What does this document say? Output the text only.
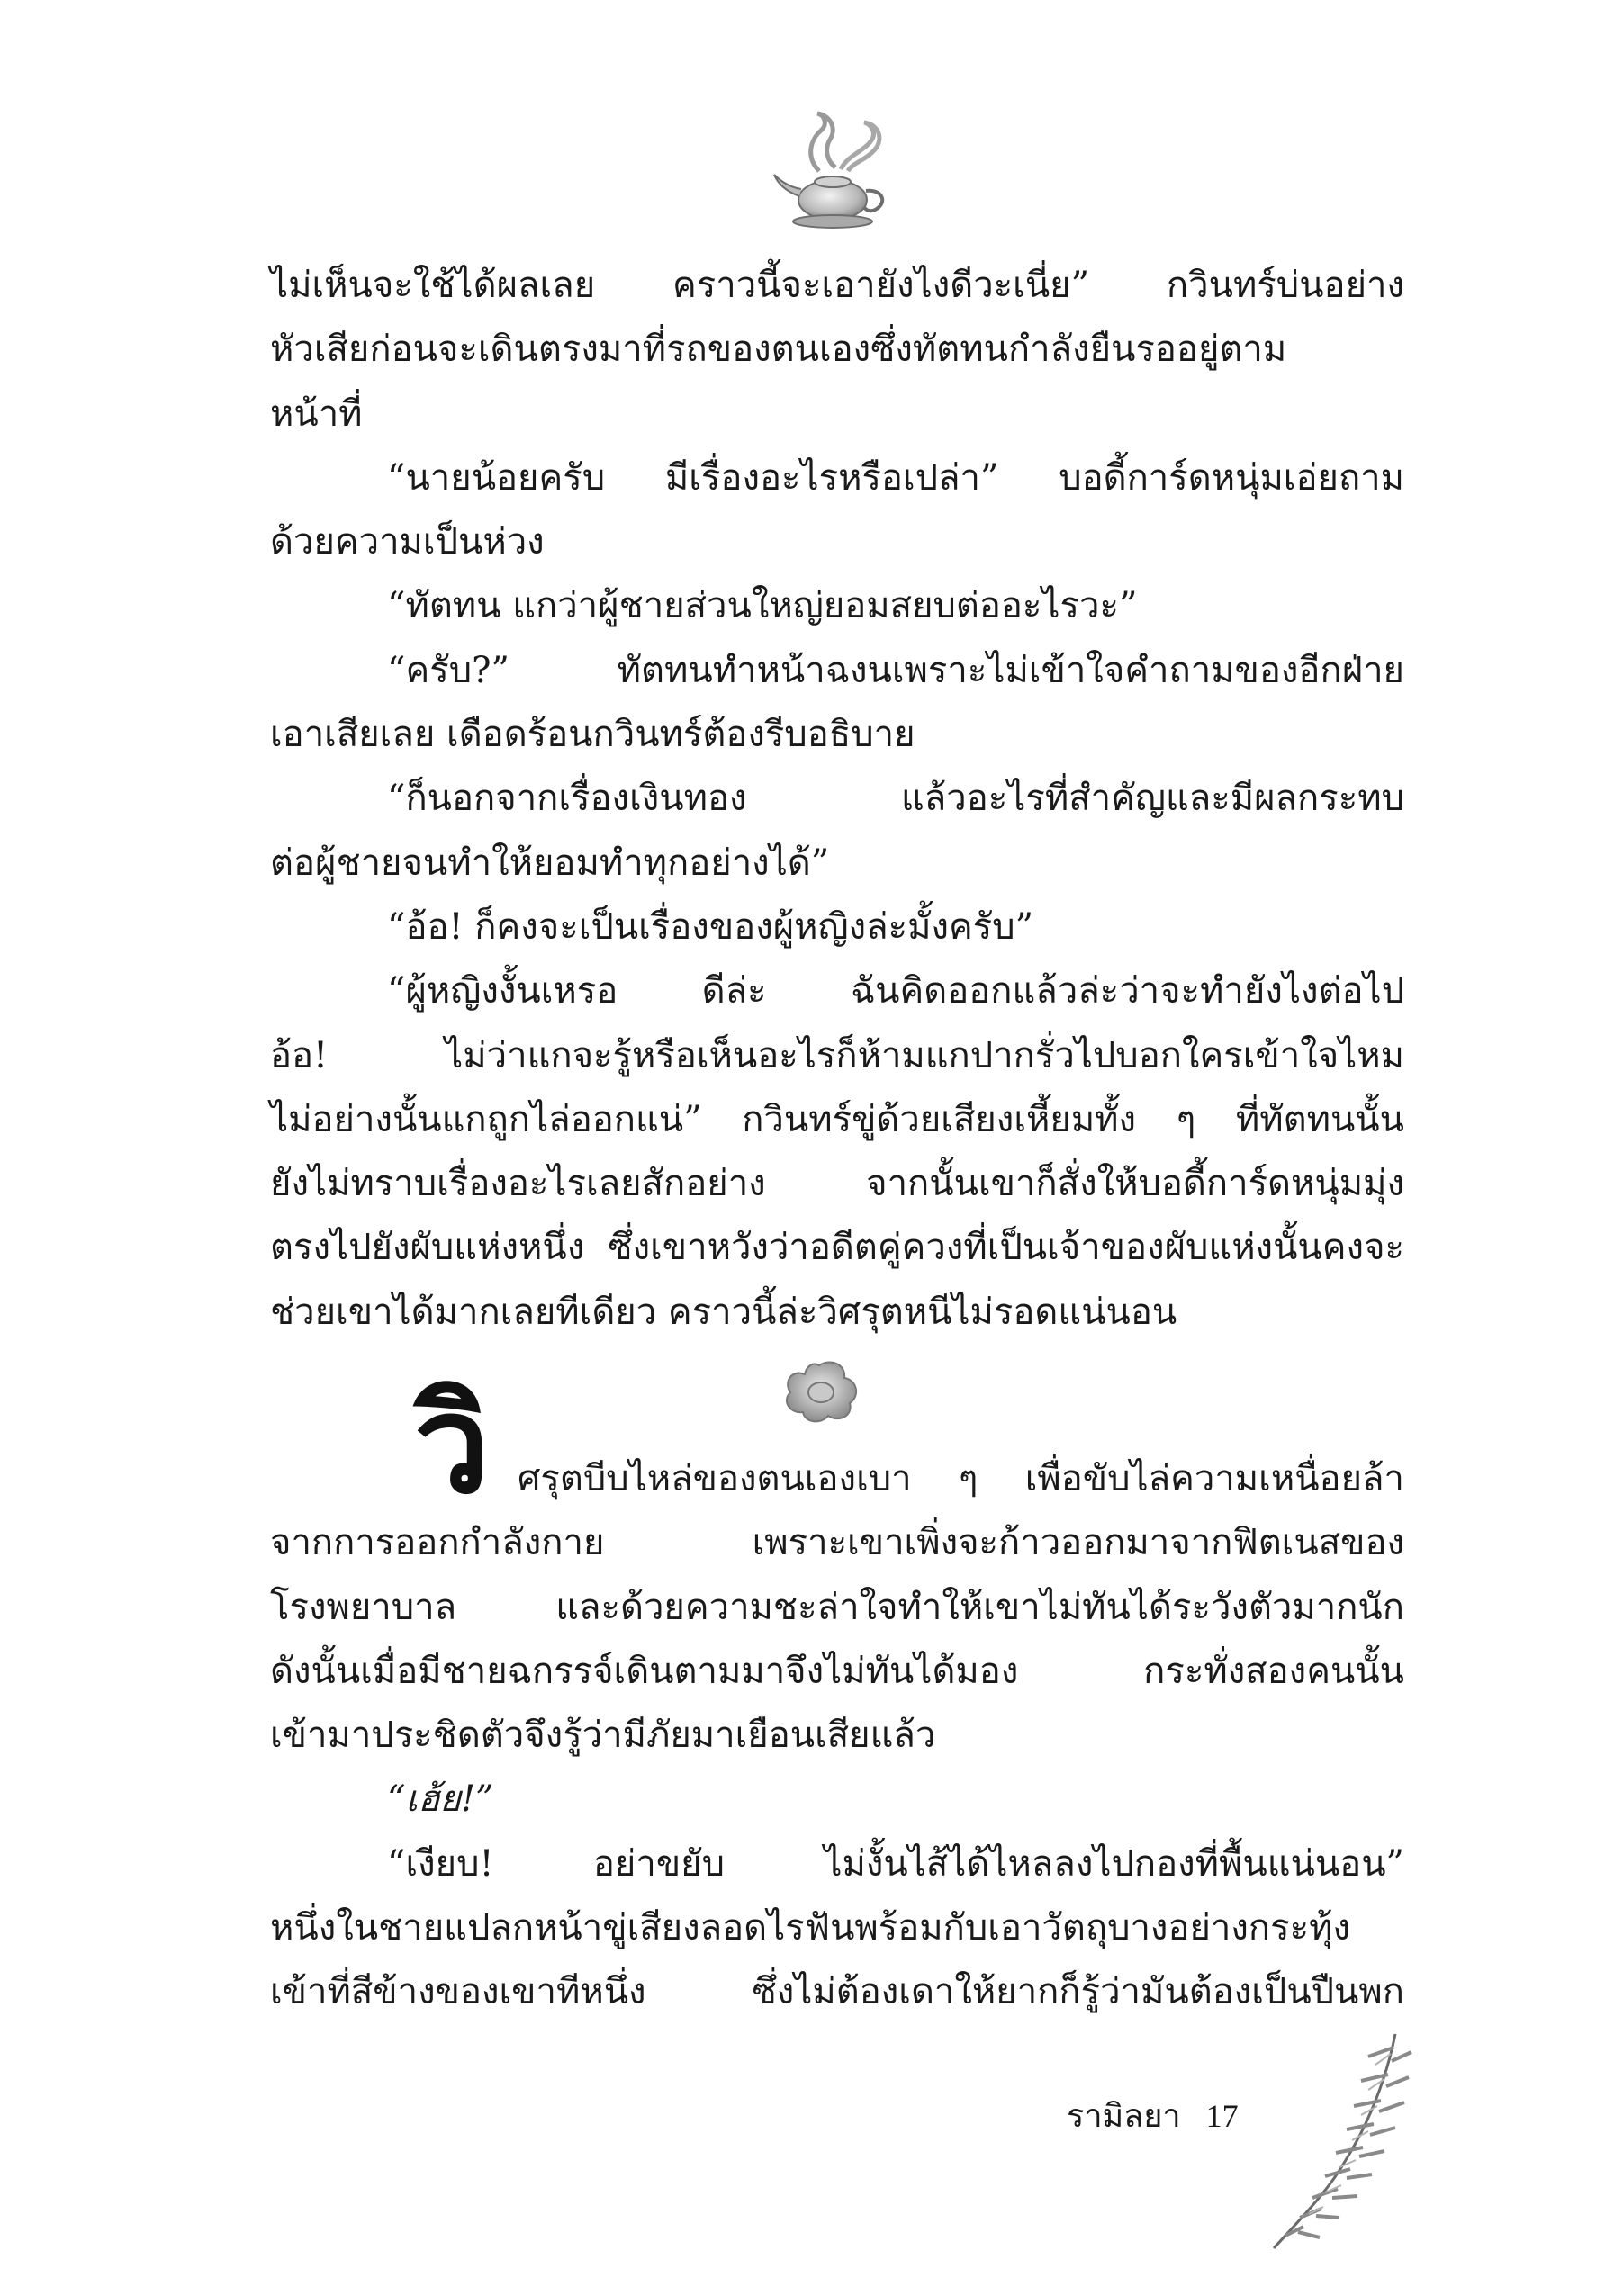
ไม่เห็นจะใช้ได้ผลเลย คราวนี้จะเอายังไงดีวะเนี่ย” กวินทร์บ่นอย่าง
หัวเสียก่อนจะเดินตรงมาที่รถของตนเองซึ่งทัตทนกำลังยืนรออยู่ตาม
หน้าที่
“นายน้อยครับ มีเรื่องอะไรหรือเปล่า” บอดี้การ์ดหนุ่มเอ่ยถาม
ด้วยความเป็นห่วง
“ทัตทน แกว่าผู้ชายส่วนใหญ่ยอมสยบต่ออะไรวะ”
“ครับ?” ทัตทนทำหน้าฉงนเพราะไม่เข้าใจคำถามของอีกฝ่าย
เอาเสียเลย เดือดร้อนกวินทร์ต้องรีบอธิบาย
“ก็นอกจากเรื่องเงินทอง แล้วอะไรที่สำคัญและมีผลกระทบ
ต่อผู้ชายจนทำให้ยอมทำทุกอย่างได้”
“อ้อ! ก็คงจะเป็นเรื่องของผู้หญิงล่ะมั้งครับ”
“ผู้หญิงงั้นเหรอ ดีล่ะ ฉันคิดออกแล้วล่ะว่าจะทำยังไงต่อไป
อ้อ! ไม่ว่าแกจะรู้หรือเห็นอะไรก็ห้ามแกปากรั่วไปบอกใครเข้าใจไหม
ไม่อย่างนั้นแกถูกไล่ออกแน่” กวินทร์ขู่ด้วยเสียงเหี้ยมทั้ง ๆ ที่ทัตทนนั้น
ยังไม่ทราบเรื่องอะไรเลยสักอย่าง จากนั้นเขาก็สั่งให้บอดี้การ์ดหนุ่มมุ่ง
ตรงไปยังผับแห่งหนึ่ง ซึ่งเขาหวังว่าอดีตคู่ควงที่เป็นเจ้าของผับแห่งนั้นคงจะ
ช่วยเขาได้มากเลยทีเดียว คราวนี้ล่ะวิศรุตหนีไม่รอดแน่นอน
วิ ศรุตบีบไหล่ของตนเองเบา ๆ เพื่อขับไล่ความเหนื่อยล้า
จากการออกกำลังกาย เพราะเขาเพิ่งจะก้าวออกมาจากฟิตเนสของ
โรงพยาบาล และด้วยความชะล่าใจทำให้เขาไม่ทันได้ระวังตัวมากนัก
ดังนั้นเมื่อมีชายฉกรรจ์เดินตามมาจึงไม่ทันได้มอง กระทั่งสองคนนั้น
เข้ามาประชิดตัวจึงรู้ว่ามีภัยมาเยือนเสียแล้ว
“เฮ้ย!”
“เงียบ! อย่าขยับ ไม่งั้นไส้ได้ไหลลงไปกองที่พื้นแน่นอน”
หนึ่งในชายแปลกหน้าขู่เสียงลอดไรฟันพร้อมกับเอาวัตถุบางอย่างกระทุ้ง
เข้าที่สีข้างของเขาทีหนึ่ง ซึ่งไม่ต้องเดาให้ยากก็รู้ว่ามันต้องเป็นปืนพก
รามิลยา 17
